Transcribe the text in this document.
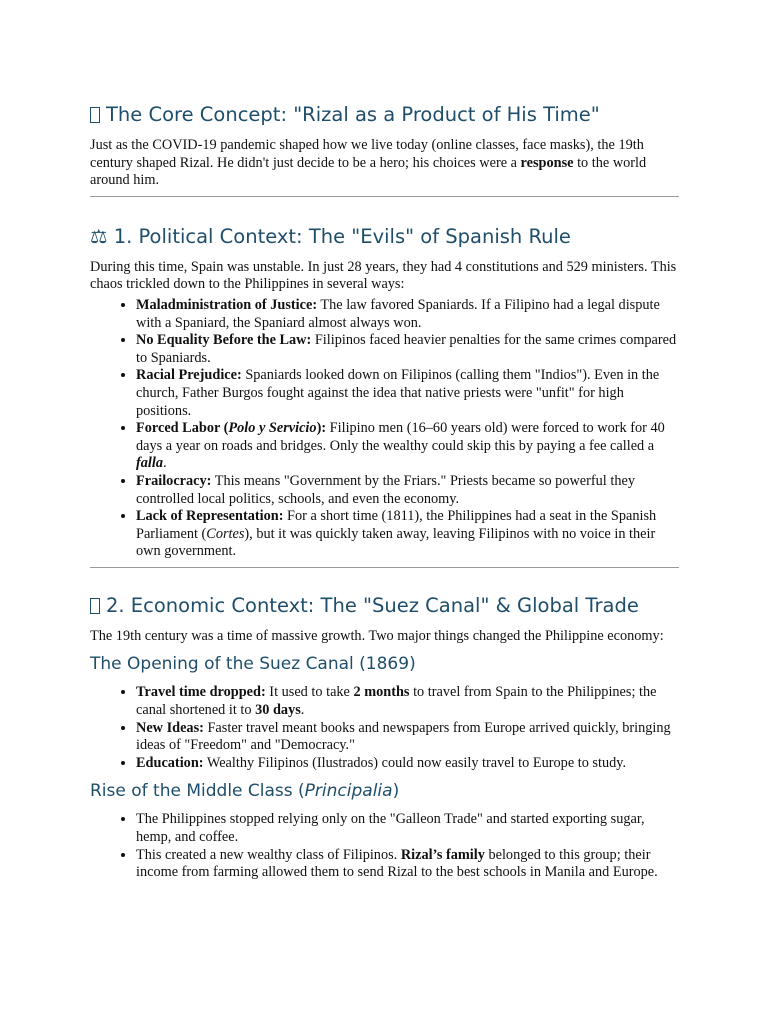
The Core Concept: "Rizal as a Product of His Time"

Just as the COVID-19 pandemic shaped how we live today (online classes, face masks), the 19th century shaped Rizal. He didn't just decide to be a hero; his choices were a response to the world around him.

⚖ 1. Political Context: The "Evils" of Spanish Rule

During this time, Spain was unstable. In just 28 years, they had 4 constitutions and 529 ministers. This chaos trickled down to the Philippines in several ways:

• Maladministration of Justice: The law favored Spaniards. If a Filipino had a legal dispute with a Spaniard, the Spaniard almost always won.
• No Equality Before the Law: Filipinos faced heavier penalties for the same crimes compared to Spaniards.
• Racial Prejudice: Spaniards looked down on Filipinos (calling them "Indios"). Even in the church, Father Burgos fought against the idea that native priests were "unfit" for high positions.
• Forced Labor (Polo y Servicio): Filipino men (16–60 years old) were forced to work for 40 days a year on roads and bridges. Only the wealthy could skip this by paying a fee called a falla.
• Frailocracy: This means "Government by the Friars." Priests became so powerful they controlled local politics, schools, and even the economy.
• Lack of Representation: For a short time (1811), the Philippines had a seat in the Spanish Parliament (Cortes), but it was quickly taken away, leaving Filipinos with no voice in their own government.
2. Economic Context: The "Suez Canal" & Global Trade

The 19th century was a time of massive growth. Two major things changed the Philippine economy:

The Opening of the Suez Canal (1869)
• Travel time dropped: It used to take 2 months to travel from Spain to the Philippines; the canal shortened it to 30 days.
• New Ideas: Faster travel meant books and newspapers from Europe arrived quickly, bringing ideas of "Freedom" and "Democracy."
• Education: Wealthy Filipinos (Ilustrados) could now easily travel to Europe to study.
Rise of the Middle Class (Principalia)
• The Philippines stopped relying only on the "Galleon Trade" and started exporting sugar, hemp, and coffee.
• This created a new wealthy class of Filipinos. Rizal’s family belonged to this group; their income from farming allowed them to send Rizal to the best schools in Manila and Europe.
